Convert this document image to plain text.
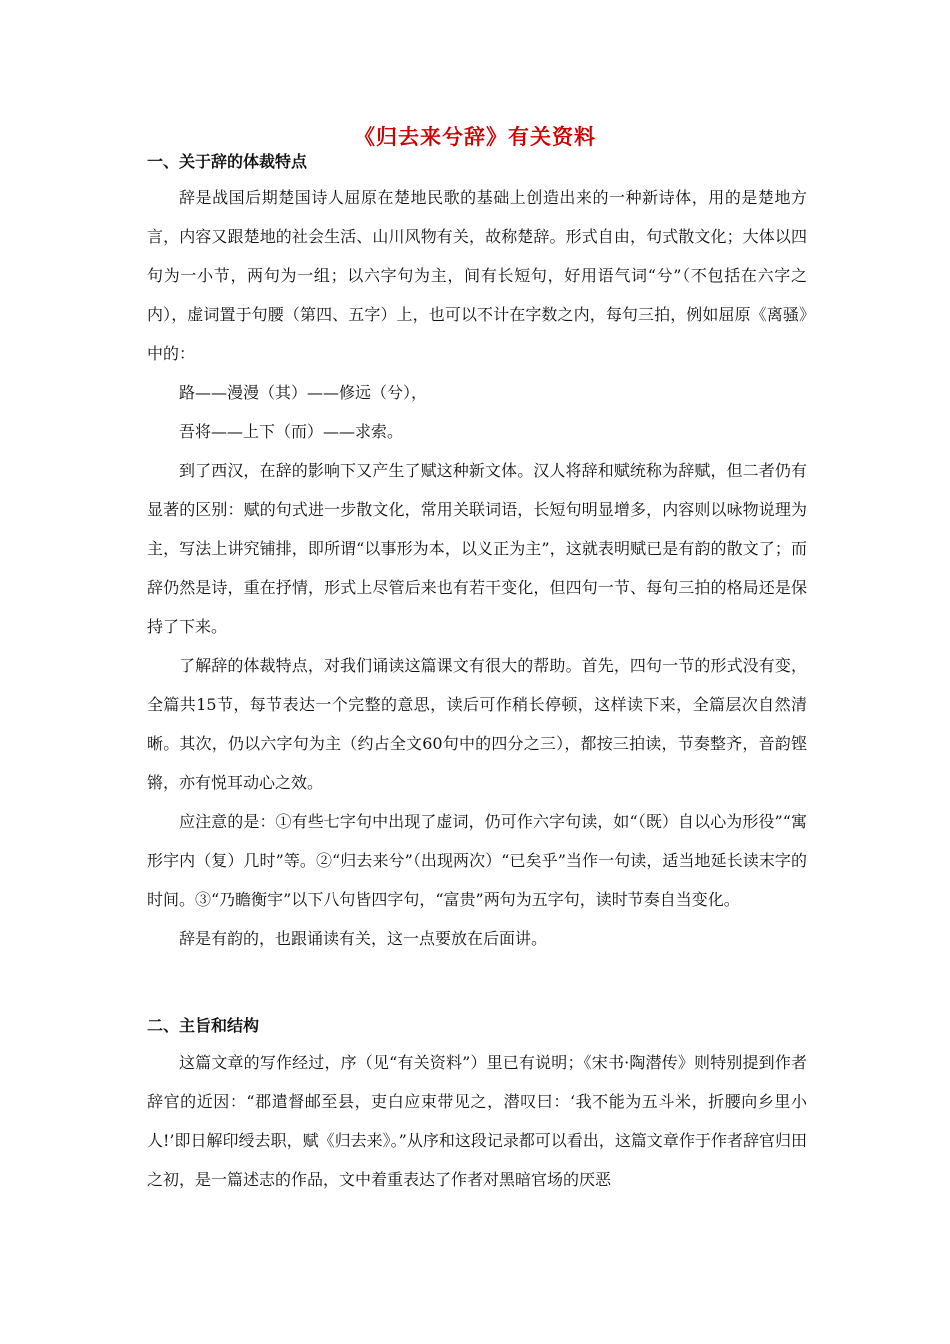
《归去来兮辞》有关资料
一、关于辞的体裁特点

辞是战国后期楚国诗人屈原在楚地民歌的基础上创造出来的一种新诗体，用的是楚地方言，内容又跟楚地的社会生活、山川风物有关，故称楚辞。形式自由，句式散文化；大体以四句为一小节，两句为一组；以六字句为主，间有长短句，好用语气词“兮”（不包括在六字之内），虚词置于句腰（第四、五字）上，也可以不计在字数之内，每句三拍，例如屈原《离骚》中的：

路——漫漫（其）——修远（兮），

吾将——上下（而）——求索。

到了西汉，在辞的影响下又产生了赋这种新文体。汉人将辞和赋统称为辞赋，但二者仍有显著的区别：赋的句式进一步散文化，常用关联词语，长短句明显增多，内容则以咏物说理为主，写法上讲究铺排，即所谓“以事形为本，以义正为主”，这就表明赋已是有韵的散文了；而辞仍然是诗，重在抒情，形式上尽管后来也有若干变化，但四句一节、每句三拍的格局还是保持了下来。

了解辞的体裁特点，对我们诵读这篇课文有很大的帮助。首先，四句一节的形式没有变，全篇共15节，每节表达一个完整的意思，读后可作稍长停顿，这样读下来，全篇层次自然清晰。其次，仍以六字句为主（约占全文60句中的四分之三），都按三拍读，节奏整齐，音韵铿锵，亦有悦耳动心之效。

应注意的是：①有些七字句中出现了虚词，仍可作六字句读，如“（既）自以心为形役”“寓形宇内（复）几时”等。②“归去来兮”（出现两次）“已矣乎”当作一句读，适当地延长读末字的时间。③“乃瞻衡宇”以下八句皆四字句，“富贵”两句为五字句，读时节奏自当变化。

辞是有韵的，也跟诵读有关，这一点要放在后面讲。

二、主旨和结构

这篇文章的写作经过，序（见“有关资料”）里已有说明；《宋书·陶潜传》则特别提到作者辞官的近因：“郡遣督邮至县，吏白应束带见之，潜叹曰：‘我不能为五斗米，折腰向乡里小人!’即日解印绶去职，赋《归去来》。”从序和这段记录都可以看出，这篇文章作于作者辞官归田之初，是一篇述志的作品，文中着重表达了作者对黑暗官场的厌恶
